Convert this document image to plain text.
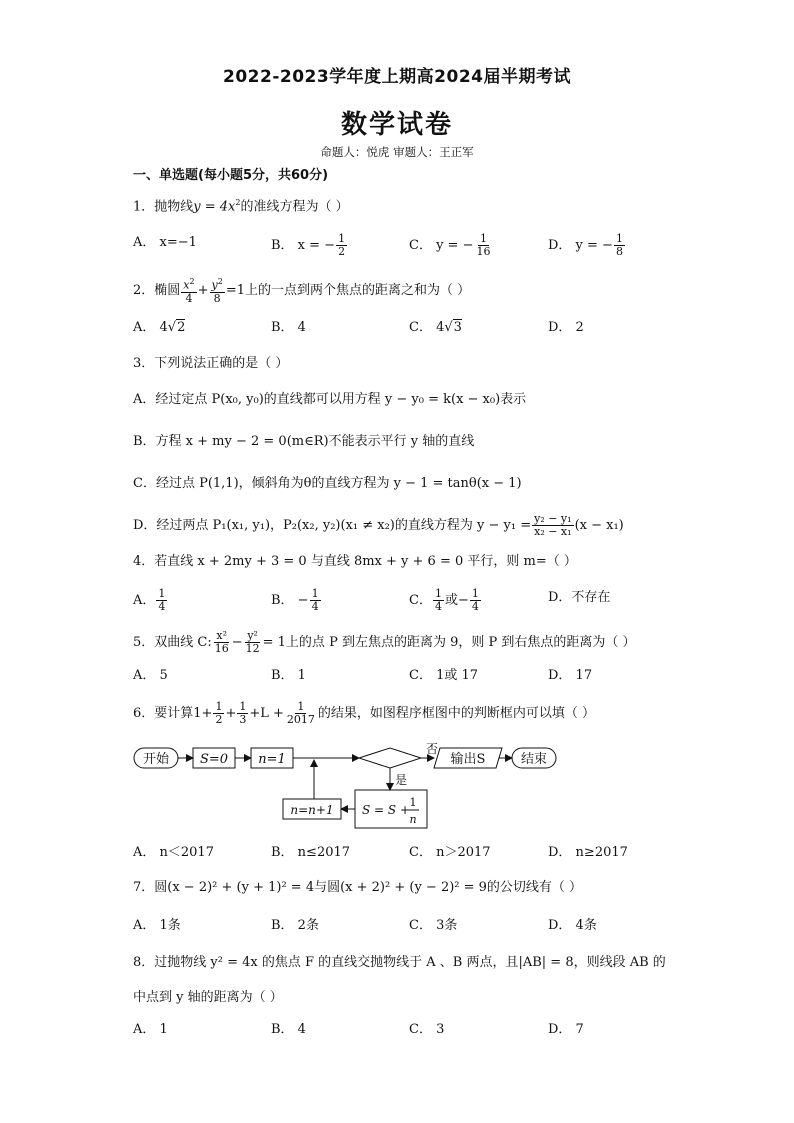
2022-2023学年度上期高2024届半期考试
数学试卷
命题人：悦虎 审题人：王正军
一、单选题(每小题5分，共60分)
1．抛物线$y = 4x^2$的准线方程为（ ）
A． x=−1	B． x = − $\frac{1}{2}$	C． y = − $\frac{1}{16}$	D． y = − $\frac{1}{8}$
2．椭圆 $\frac{x^2}{4} + \frac{y^2}{8} =1$上的一点到两个焦点的距离之和为（ ）
A． 4√2	B． 4	C． 4√3	D． 2
3．下列说法正确的是（ ）
A．经过定点 P(x₀, y₀)的直线都可以用方程 y − y₀ = k(x − x₀)表示
B．方程 x + my − 2 = 0(m∈R)不能表示平行 y 轴的直线
C．经过点 P(1,1)，倾斜角为θ的直线方程为 y − 1 = tanθ(x − 1)
D．经过两点 P₁(x₁, y₁)，P₂(x₂, y₂)(x₁ ≠ x₂)的直线方程为 $y - y_1 = \frac{\text{y₂ − y₁}}{\text{x₂ − x₁}} (x - x_1)$
4．若直线 x + 2my + 3 = 0 与直线 8mx + y + 6 = 0 平行，则 m=（ ）
A． $\frac{1}{4}$	B． − $\frac{1}{4}$	C． $\frac{1}{4}$ 或− $\frac{1}{4}$	D．不存在
5．双曲线 C: $\frac{\text{x²}}{16} - \frac{\text{y²}}{12} = 1$上的点 P 到左焦点的距离为 9，则 P 到右焦点的距离为（ ）
A． 5	B． 1	C． 1或 17	D． 17
6．要计算$1+ \frac{1}{2} + \frac{1}{3} +L + \frac{1}{2017}$ 的结果，如图程序框图中的判断框内可以填（ ）
开始 S=0 n=1
否
输出S	结束
是
n=n+1 S = S +
1
n
A． n＜2017	B． n≤2017	C． n＞2017	D． n≥2017
7．圆(x − 2)² + (y + 1)² = 4与圆(x + 2)² + (y − 2)² = 9的公切线有（ ）
A． 1条	B． 2条	C． 3条	D． 4条
8．过抛物线 y² = 4x 的焦点 F 的直线交抛物线于 A 、B 两点，且|AB| = 8，则线段 AB 的
中点到 y 轴的距离为（ ）
A． 1	B． 4	C． 3	D． 7
